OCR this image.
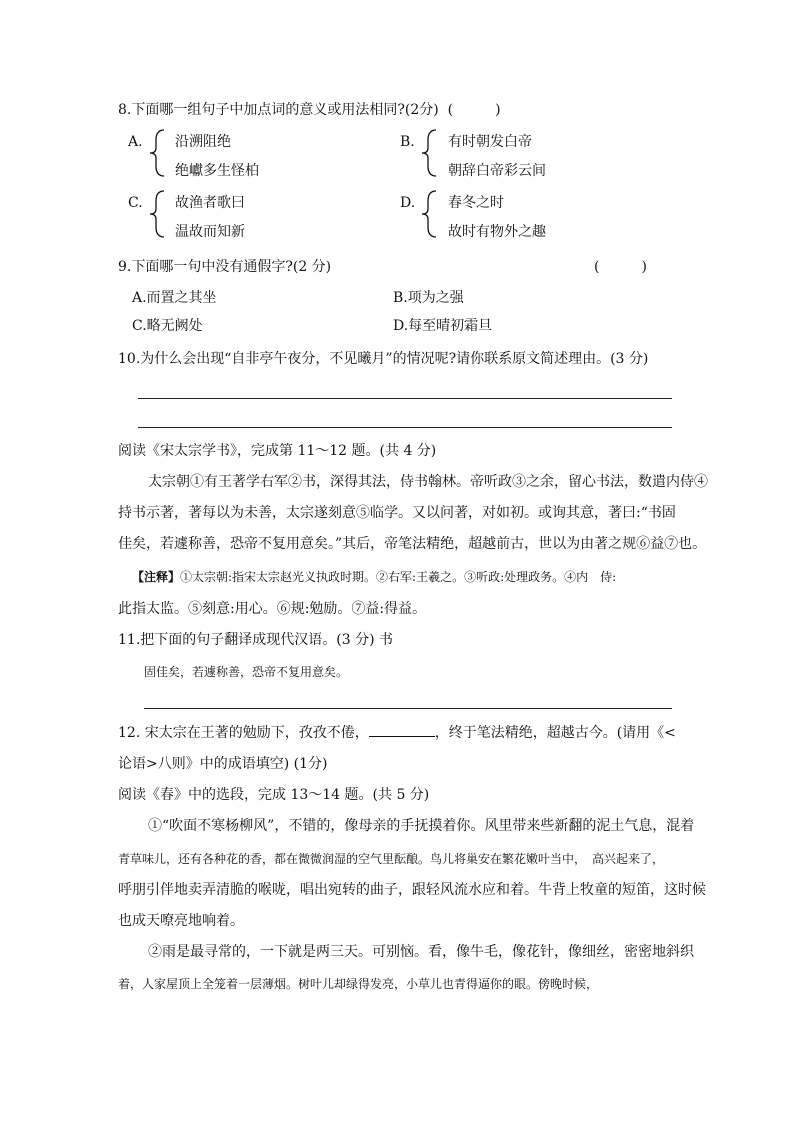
8.下面哪一组句子中加点词的意义或用法相同?(2分) (　　　)
A. 沿溯阻绝
绝巘多生怪柏
B. 有时朝发白帝
朝辞白帝彩云间
C. 故渔者歌曰
温故而知新
D. 春冬之时
故时有物外之趣
9.下面哪一句中没有通假字?(2 分)	(　　　)
A.而置之其坐	B.项为之强
C.略无阙处	D.每至晴初霜旦
10.为什么会出现“自非亭午夜分，不见曦月”的情况呢?请你联系原文简述理由。(3 分)
阅读《宋太宗学书》，完成第 11～12 题。(共 4 分)
太宗朝①有王著学右军②书，深得其法，侍书翰林。帝听政③之余，留心书法，数遣内侍④
持书示著，著每以为未善，太宗遂刻意⑤临学。又以问著，对如初。或询其意，著曰:“书固
佳矣，若遽称善，恐帝不复用意矣。”其后，帝笔法精绝，超越前古，世以为由著之规⑥益⑦也。
【注释】①太宗朝:指宋太宗赵光义执政时期。②右军:王羲之。③听政:处理政务。④内　侍:
此指太监。⑤刻意:用心。⑥规:勉励。⑦益:得益。
11.把下面的句子翻译成现代汉语。(3 分) 书
固佳矣，若遽称善，恐帝不复用意矣。
12. 宋太宗在王著的勉励下，孜孜不倦，	，终于笔法精绝，超越古今。(请用《<
论语>八则》中的成语填空) (1分)
阅读《春》中的选段，完成 13～14 题。(共 5 分)
①“吹面不寒杨柳风”，不错的，像母亲的手抚摸着你。风里带来些新翻的泥土气息，混着
青草味儿，还有各种花的香，都在微微润湿的空气里酝酿。鸟儿将巢安在繁花嫩叶当中，　高兴起来了，
呼朋引伴地卖弄清脆的喉咙，唱出宛转的曲子，跟轻风流水应和着。牛背上牧童的短笛，这时候
也成天嘹亮地响着。
②雨是最寻常的，一下就是两三天。可别恼。看，像牛毛，像花针，像细丝，密密地斜织
着，人家屋顶上全笼着一层薄烟。树叶儿却绿得发亮，小草儿也青得逼你的眼。傍晚时候，
